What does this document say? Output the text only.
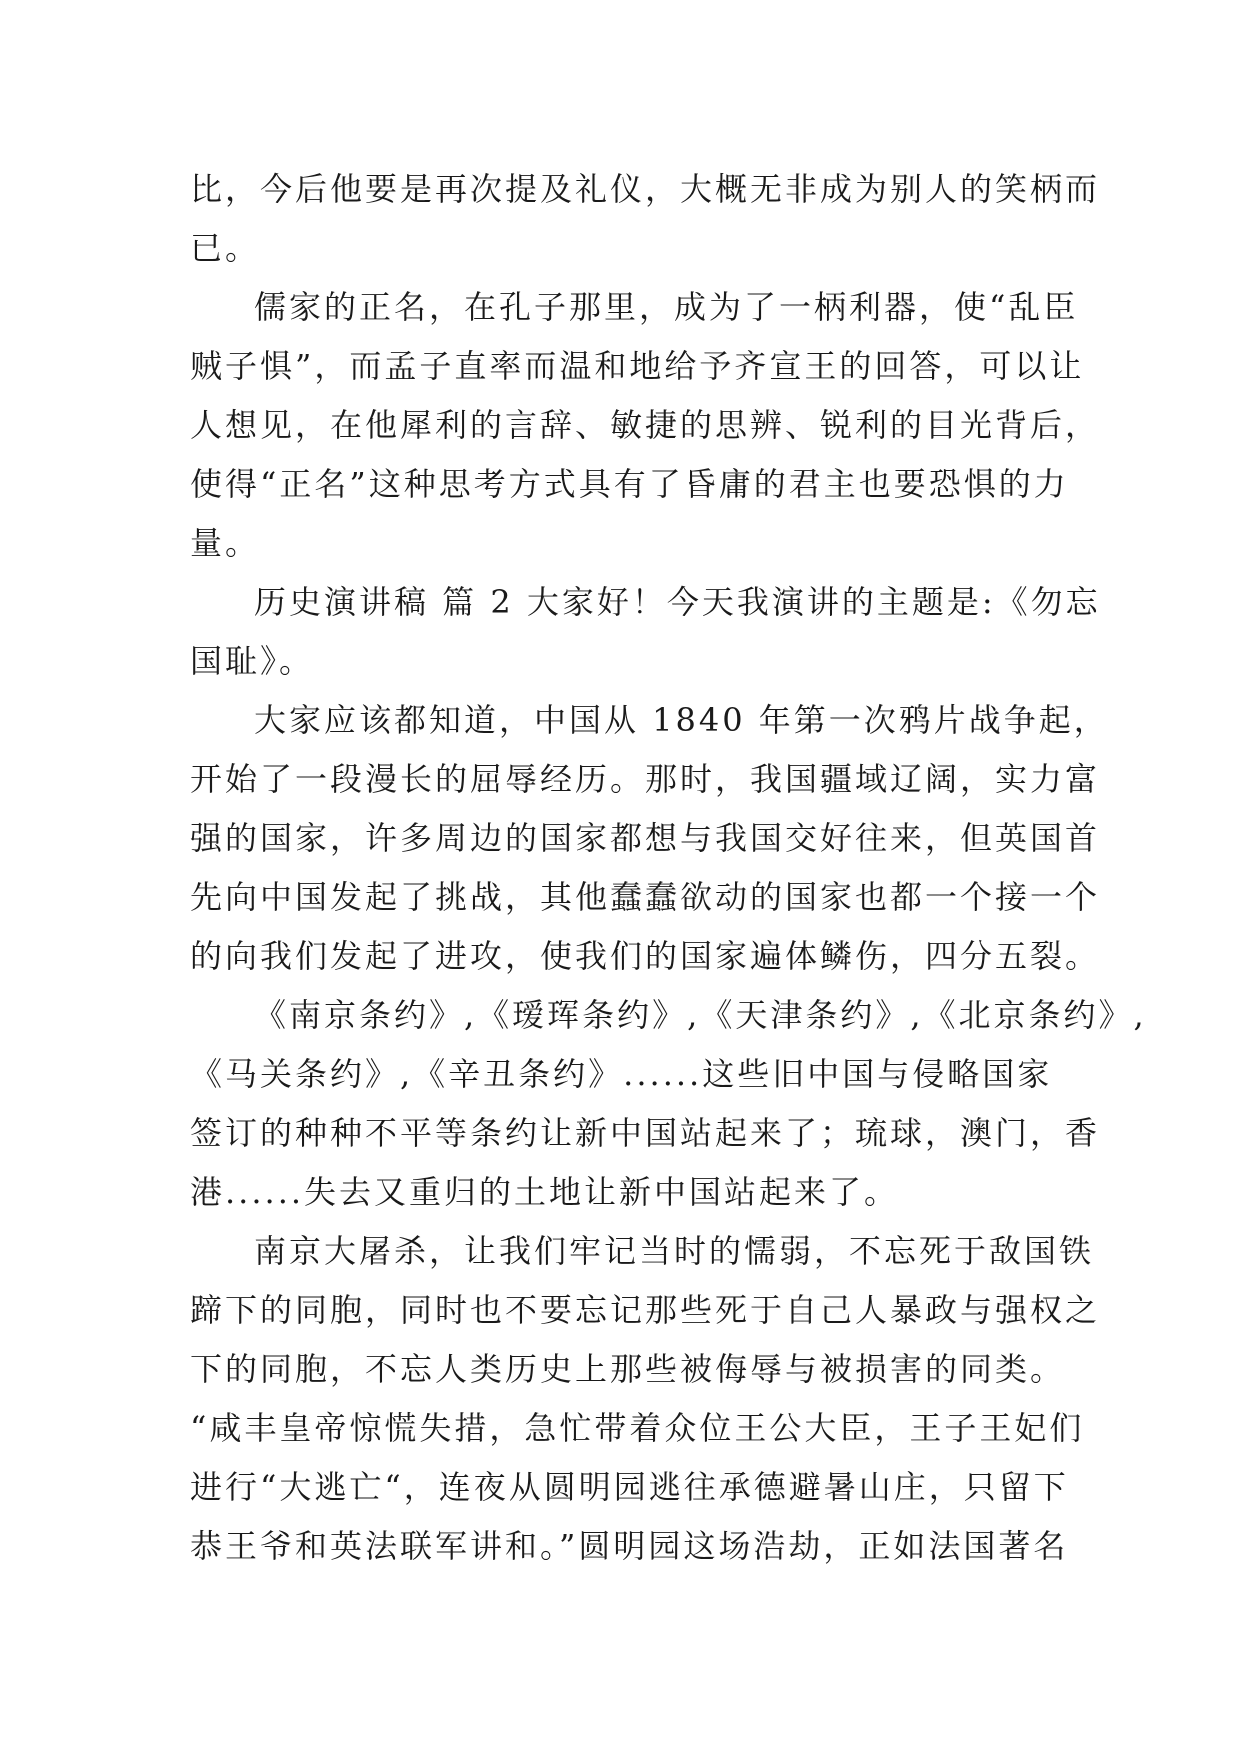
比，今后他要是再次提及礼仪，大概无非成为别人的笑柄而
已。
儒家的正名，在孔子那里，成为了一柄利器，使“乱臣
贼子惧”，而孟子直率而温和地给予齐宣王的回答，可以让
人想见，在他犀利的言辞、敏捷的思辨、锐利的目光背后，
使得“正名”这种思考方式具有了昏庸的君主也要恐惧的力
量。
历史演讲稿 篇 2 大家好！今天我演讲的主题是:《勿忘
国耻》。
大家应该都知道，中国从 1840 年第一次鸦片战争起，
开始了一段漫长的屈辱经历。那时，我国疆域辽阔，实力富
强的国家，许多周边的国家都想与我国交好往来，但英国首
先向中国发起了挑战，其他蠢蠢欲动的国家也都一个接一个
的向我们发起了进攻，使我们的国家遍体鳞伤，四分五裂。
《南京条约》,《瑷珲条约》,《天津条约》,《北京条约》,
《马关条约》,《辛丑条约》......这些旧中国与侵略国家
签订的种种不平等条约让新中国站起来了；琉球，澳门，香
港......失去又重归的土地让新中国站起来了。
南京大屠杀，让我们牢记当时的懦弱，不忘死于敌国铁
蹄下的同胞，同时也不要忘记那些死于自己人暴政与强权之
下的同胞，不忘人类历史上那些被侮辱与被损害的同类。
“咸丰皇帝惊慌失措，急忙带着众位王公大臣，王子王妃们
进行“大逃亡“，连夜从圆明园逃往承德避暑山庄，只留下
恭王爷和英法联军讲和。”圆明园这场浩劫，正如法国著名
